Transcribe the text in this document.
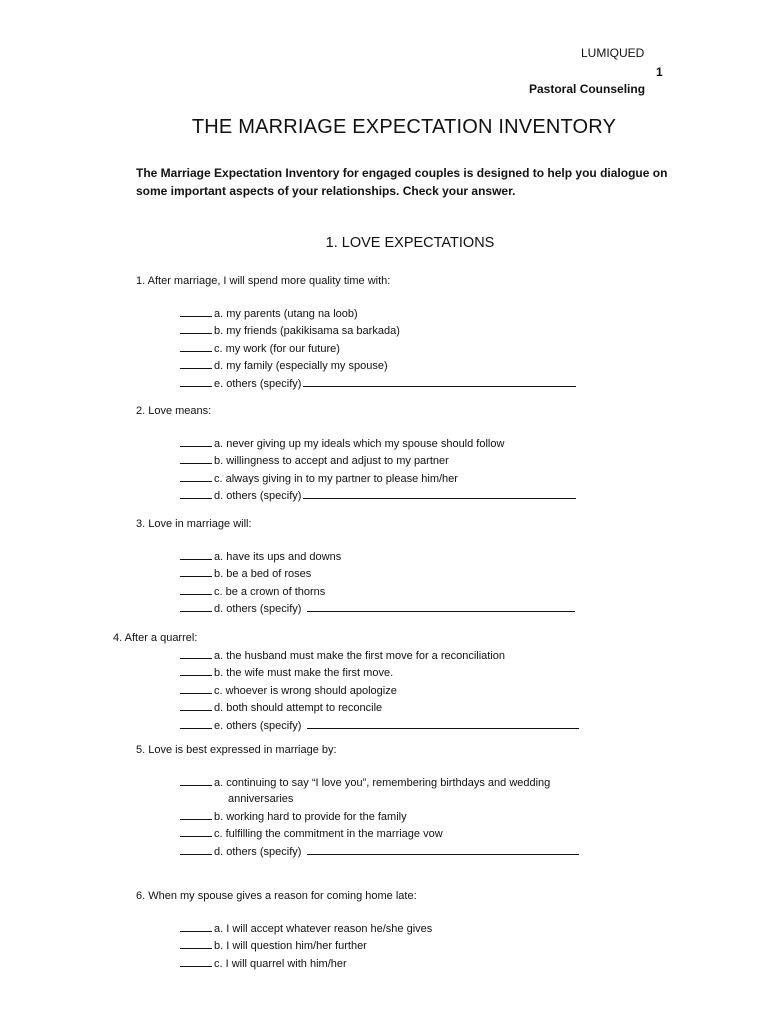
LUMIQUED
1
Pastoral Counseling
THE MARRIAGE EXPECTATION INVENTORY
The Marriage Expectation Inventory for engaged couples is designed to help you dialogue on
some important aspects of your relationships. Check your answer.
1. LOVE EXPECTATIONS
1. After marriage, I will spend more quality time with:
a. my parents (utang na loob)
b. my friends (pakikisama sa barkada)
c. my work (for our future)
d. my family (especially my spouse)
e. others (specify)
2. Love means:
a. never giving up my ideals which my spouse should follow
b. willingness to accept and adjust to my partner
c. always giving in to my partner to please him/her
d. others (specify)
3. Love in marriage will:
a. have its ups and downs
b. be a bed of roses
c. be a crown of thorns
d. others (specify)
4. After a quarrel:
a. the husband must make the first move for a reconciliation
b. the wife must make the first move.
c. whoever is wrong should apologize
d. both should attempt to reconcile
e. others (specify)
5. Love is best expressed in marriage by:
a. continuing to say “I love you”, remembering birthdays and wedding
anniversaries
b. working hard to provide for the family
c. fulfilling the commitment in the marriage vow
d. others (specify)
6. When my spouse gives a reason for coming home late:
a. I will accept whatever reason he/she gives
b. I will question him/her further
c. I will quarrel with him/her
